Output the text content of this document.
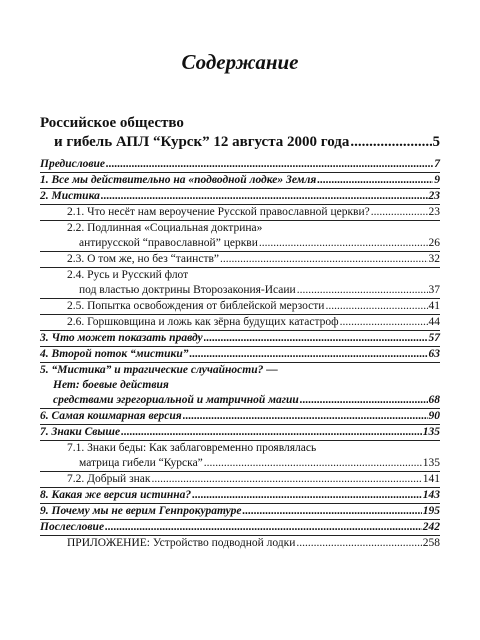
Содержание
Российское общество
и гибель АПЛ “Курск” 12 августа 2000 года .....	5
Предисловие .....	7
1. Все мы действительно на «подводной лодке» Земля .....	9
2. Мистика .....	23
2.1. Что несёт нам вероучение Русской православной церкви? .....	23
2.2. Подлинная «Социальная доктрина»
антирусской “православной” церкви .....	26
2.3. О том же, но без “таинств” .....	32
2.4. Русь и Русский флот
под властью доктрины Второзакония-Исаии .....	37
2.5. Попытка освобождения от библейской мерзости .....	41
2.6. Горшковщина и ложь как зёрна будущих катастроф .....	44
3. Что может показать правду .....	57
4. Второй поток “мистики” .....	63
5. “Мистика” и трагические случайности? —
Нет: боевые действия
средствами эгрегориальной и матричной магии .....	68
6. Самая кошмарная версия .....	90
7. Знаки Свыше .....	135
7.1. Знаки беды: Как заблаговременно проявлялась
матрица гибели “Курска” .....	135
7.2. Добрый знак .....	141
8. Какая же версия истинна? .....	143
9. Почему мы не верим Генпрокуратуре .....	195
Послесловие .....	242
ПРИЛОЖЕНИЕ: Устройство подводной лодки .....	258
